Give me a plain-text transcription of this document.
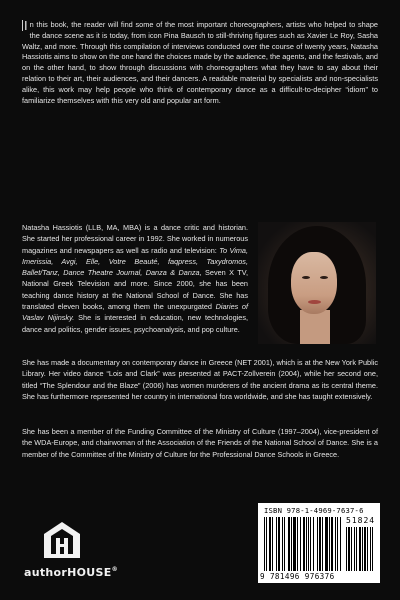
I n this book, the reader will find some of the most important choreographers, artists who helped to shape the dance scene as it is today, from icon Pina Bausch to still-thriving figures such as Xavier Le Roy, Sasha Waltz, and more. Through this compilation of interviews conducted over the course of twenty years, Natasha Hassiotis aims to show on the one hand the choices made by the audience, the agents, and the festivals, and on the other hand, to show through discussions with choreographers what they have to say about their relation to their art, their audiences, and their dancers. A readable material by specialists and non-specialists alike, this work may help people who think of contemporary dance as a difficult-to-decipher “idiom” to familiarize themselves with this very old and popular art form.
Natasha Hassiotis (LLB, MA, MBA) is a dance critic and historian. She started her professional career in 1992. She worked in numerous magazines and newspapers as well as radio and television: To Vima, Imerissia, Avgi, Elle, Votre Beauté, faqpress, Taxydromos, Ballet/Tanz, Dance Theatre Journal, Danza & Danza, Seven X TV, National Greek Television and more. Since 2000, she has been teaching dance history at the National School of Dance. She has translated eleven books, among them the unexpurgated Diaries of Vaslav Nijinsky. She is interested in education, new technologies, dance and politics, gender issues, psychoanalysis, and pop culture.

She has made a documentary on contemporary dance in Greece (NET 2001), which is at the New York Public Library. Her video dance “Lois and Clark” was presented at PACT-Zollverein (2004), while her second one, titled “The Splendour and the Blaze” (2006) has women murderers of the ancient drama as its central theme. She has furthermore represented her country in international fora worldwide, and she has taught extensively.

She has been a member of the Funding Committee of the Ministry of Culture (1997–2004), vice-president of the WDA-Europe, and chairwoman of the Association of the Friends of the National School of Dance. She is a member of the Committee of the Ministry of Culture for the Professional Dance Schools in Greece.

authorHOUSE®
ISBN 978-1-4969-7637-6
51824
9 781496 976376
